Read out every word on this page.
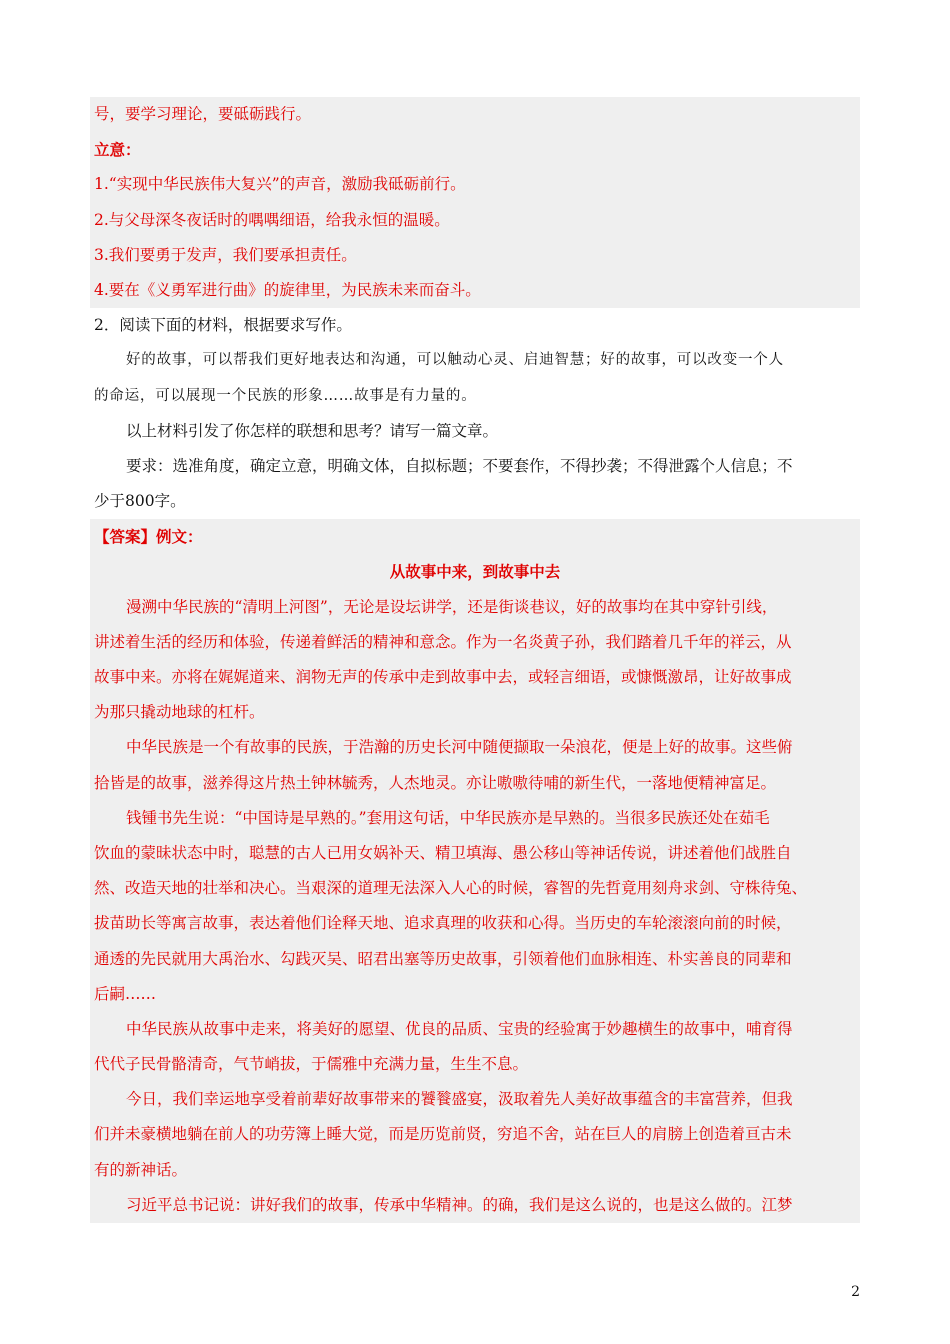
号，要学习理论，要砥砺践行。
立意：
1.“实现中华民族伟大复兴”的声音，激励我砥砺前行。
2.与父母深冬夜话时的喁喁细语，给我永恒的温暖。
3.我们要勇于发声，我们要承担责任。
4.要在《义勇军进行曲》的旋律里，为民族未来而奋斗。
2．阅读下面的材料，根据要求写作。
好的故事，可以帮我们更好地表达和沟通，可以触动心灵、启迪智慧；好的故事，可以改变一个人
的命运，可以展现一个民族的形象……故事是有力量的。
以上材料引发了你怎样的联想和思考？请写一篇文章。
要求：选准角度，确定立意，明确文体，自拟标题；不要套作，不得抄袭；不得泄露个人信息；不
少于800字。
【答案】例文：
从故事中来，到故事中去
漫溯中华民族的“清明上河图”，无论是设坛讲学，还是街谈巷议，好的故事均在其中穿针引线，
讲述着生活的经历和体验，传递着鲜活的精神和意念。作为一名炎黄子孙，我们踏着几千年的祥云，从
故事中来。亦将在娓娓道来、润物无声的传承中走到故事中去，或轻言细语，或慷慨激昂，让好故事成
为那只撬动地球的杠杆。
中华民族是一个有故事的民族，于浩瀚的历史长河中随便撷取一朵浪花，便是上好的故事。这些俯
拾皆是的故事，滋养得这片热土钟林毓秀，人杰地灵。亦让嗷嗷待哺的新生代，一落地便精神富足。
钱锺书先生说：“中国诗是早熟的。”套用这句话，中华民族亦是早熟的。当很多民族还处在茹毛
饮血的蒙昧状态中时，聪慧的古人已用女娲补天、精卫填海、愚公移山等神话传说，讲述着他们战胜自
然、改造天地的壮举和决心。当艰深的道理无法深入人心的时候，睿智的先哲竟用刻舟求剑、守株待兔、
拔苗助长等寓言故事，表达着他们诠释天地、追求真理的收获和心得。当历史的车轮滚滚向前的时候，
通透的先民就用大禹治水、勾践灭吴、昭君出塞等历史故事，引领着他们血脉相连、朴实善良的同辈和
后嗣……
中华民族从故事中走来，将美好的愿望、优良的品质、宝贵的经验寓于妙趣横生的故事中，哺育得
代代子民骨骼清奇，气节峭拔，于儒雅中充满力量，生生不息。
今日，我们幸运地享受着前辈好故事带来的饕餮盛宴，汲取着先人美好故事蕴含的丰富营养，但我
们并未豪横地躺在前人的功劳簿上睡大觉，而是历览前贤，穷追不舍，站在巨人的肩膀上创造着亘古未
有的新神话。
习近平总书记说：讲好我们的故事，传承中华精神。的确，我们是这么说的，也是这么做的。江梦
2
